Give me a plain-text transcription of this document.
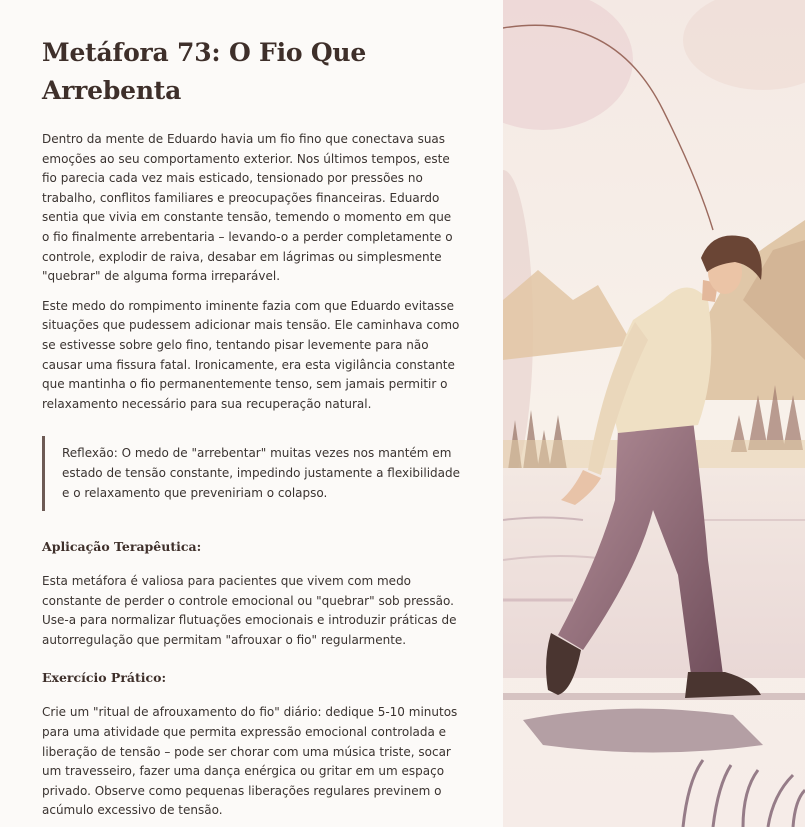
Metáfora 73: O Fio Que Arrebenta

Dentro da mente de Eduardo havia um fio fino que conectava suas emoções ao seu comportamento exterior. Nos últimos tempos, este fio parecia cada vez mais esticado, tensionado por pressões no trabalho, conflitos familiares e preocupações financeiras. Eduardo sentia que vivia em constante tensão, temendo o momento em que o fio finalmente arrebentaria – levando-o a perder completamente o controle, explodir de raiva, desabar em lágrimas ou simplesmente "quebrar" de alguma forma irreparável.

Este medo do rompimento iminente fazia com que Eduardo evitasse situações que pudessem adicionar mais tensão. Ele caminhava como se estivesse sobre gelo fino, tentando pisar levemente para não causar uma fissura fatal. Ironicamente, era esta vigilância constante que mantinha o fio permanentemente tenso, sem jamais permitir o relaxamento necessário para sua recuperação natural.

Reflexão: O medo de "arrebentar" muitas vezes nos mantém em estado de tensão constante, impedindo justamente a flexibilidade e o relaxamento que preveniriam o colapso.
Aplicação Terapêutica:

Esta metáfora é valiosa para pacientes que vivem com medo constante de perder o controle emocional ou "quebrar" sob pressão. Use-a para normalizar flutuações emocionais e introduzir práticas de autorregulação que permitam "afrouxar o fio" regularmente.

Exercício Prático:

Crie um "ritual de afrouxamento do fio" diário: dedique 5-10 minutos para uma atividade que permita expressão emocional controlada e liberação de tensão – pode ser chorar com uma música triste, socar um travesseiro, fazer uma dança enérgica ou gritar em um espaço privado. Observe como pequenas liberações regulares previnem o acúmulo excessivo de tensão.
